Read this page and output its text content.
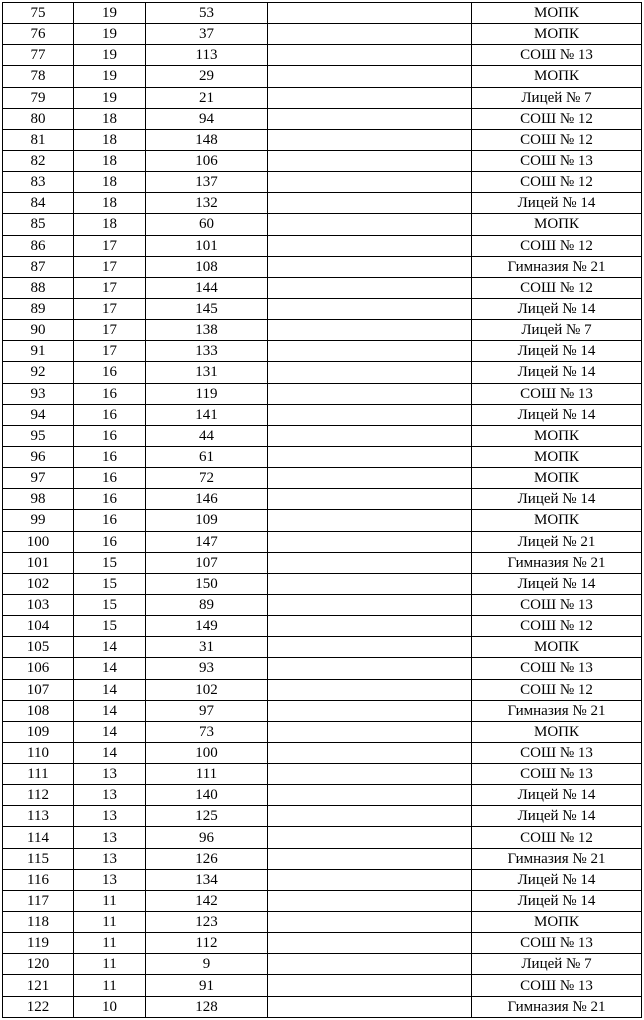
75	19	53		МОПК
76	19	37		МОПК
77	19	113		СОШ № 13
78	19	29		МОПК
79	19	21		Лицей № 7
80	18	94		СОШ № 12
81	18	148		СОШ № 12
82	18	106		СОШ № 13
83	18	137		СОШ № 12
84	18	132		Лицей № 14
85	18	60		МОПК
86	17	101		СОШ № 12
87	17	108		Гимназия № 21
88	17	144		СОШ № 12
89	17	145		Лицей № 14
90	17	138		Лицей № 7
91	17	133		Лицей № 14
92	16	131		Лицей № 14
93	16	119		СОШ № 13
94	16	141		Лицей № 14
95	16	44		МОПК
96	16	61		МОПК
97	16	72		МОПК
98	16	146		Лицей № 14
99	16	109		МОПК
100	16	147		Лицей № 21
101	15	107		Гимназия № 21
102	15	150		Лицей № 14
103	15	89		СОШ № 13
104	15	149		СОШ № 12
105	14	31		МОПК
106	14	93		СОШ № 13
107	14	102		СОШ № 12
108	14	97		Гимназия № 21
109	14	73		МОПК
110	14	100		СОШ № 13
111	13	111		СОШ № 13
112	13	140		Лицей № 14
113	13	125		Лицей № 14
114	13	96		СОШ № 12
115	13	126		Гимназия № 21
116	13	134		Лицей № 14
117	11	142		Лицей № 14
118	11	123		МОПК
119	11	112		СОШ № 13
120	11	9		Лицей № 7
121	11	91		СОШ № 13
122	10	128		Гимназия № 21
